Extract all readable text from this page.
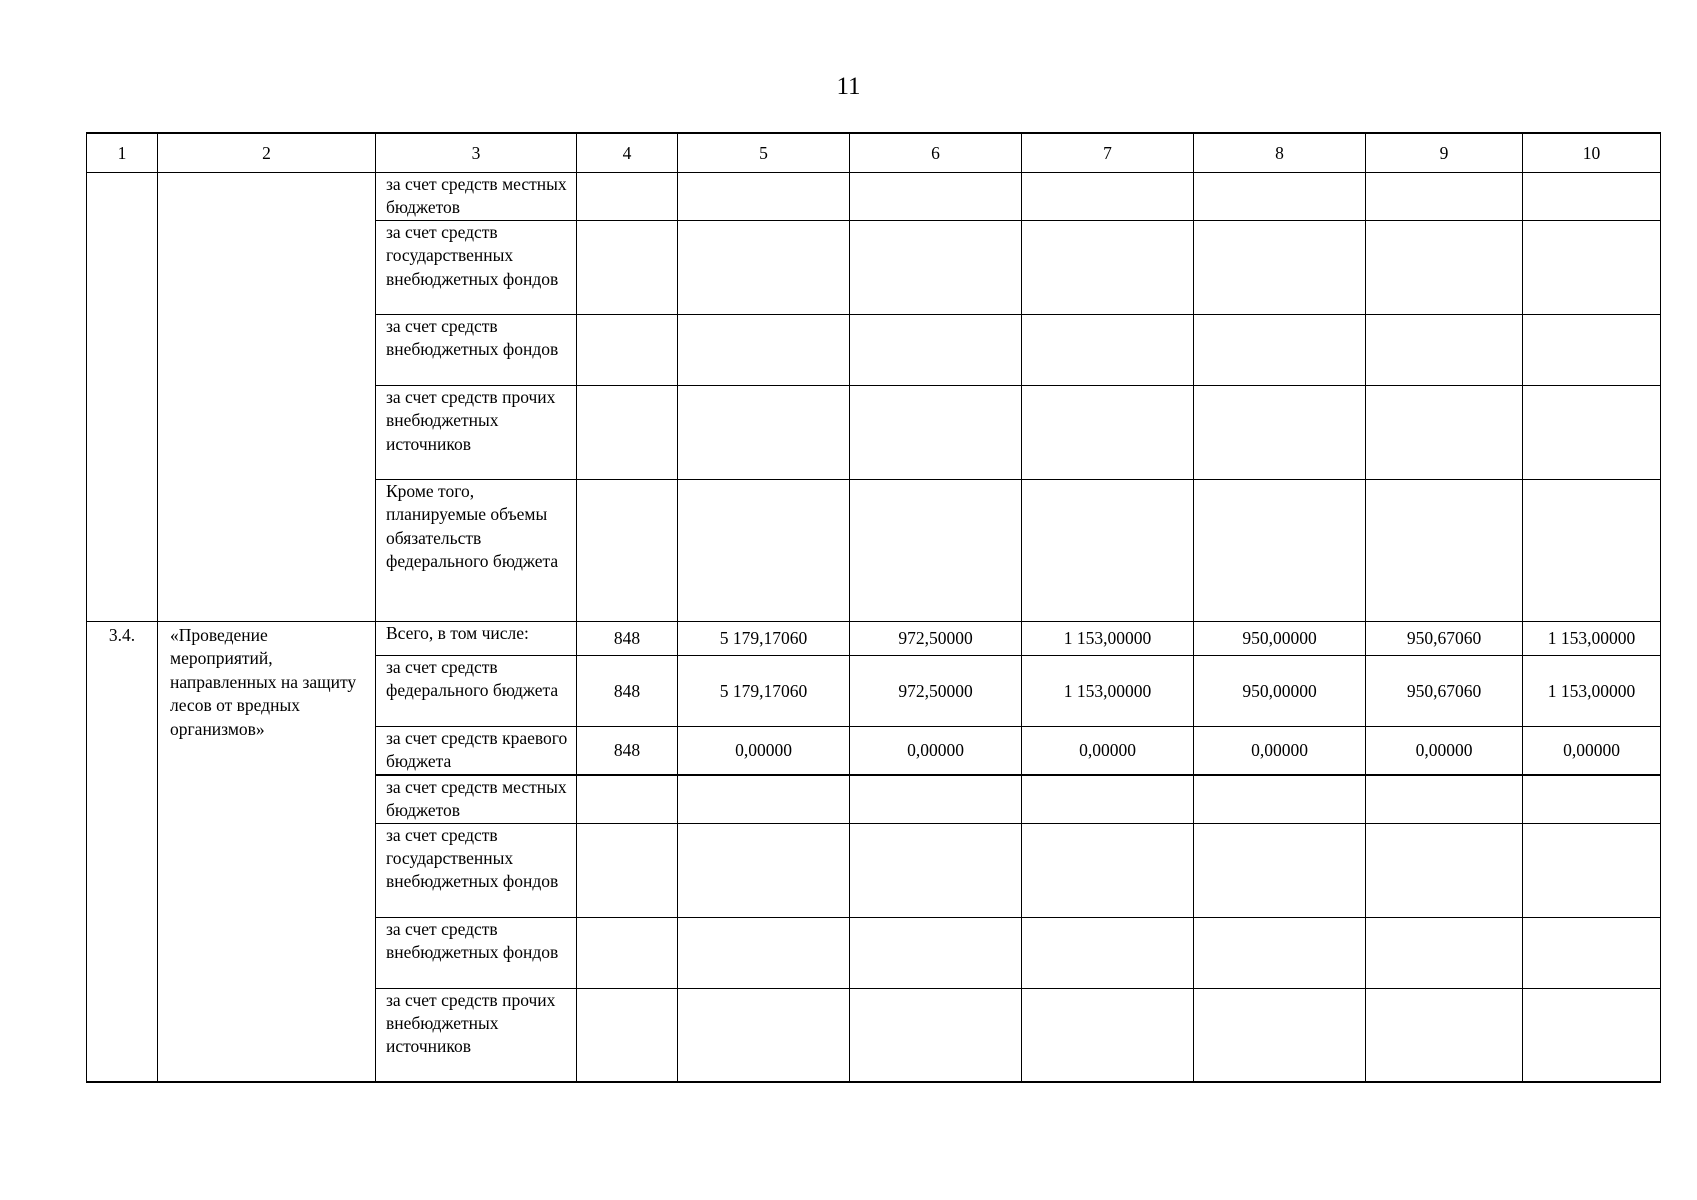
11
1	2	3	4	5	6	7	8	9	10
		за счет средств местных бюджетов							
		за счет средств государственных внебюджетных фондов							
		за счет средств внебюджетных фондов							
		за счет средств прочих внебюджетных источников							
		Кроме того, планируемые объемы обязательств федерального бюджета							
3.4.	«Проведение мероприятий, направленных на защиту лесов от вредных организмов»	Всего, в том числе:	848	5 179,17060	972,50000	1 153,00000	950,00000	950,67060	1 153,00000
		за счет средств федерального бюджета	848	5 179,17060	972,50000	1 153,00000	950,00000	950,67060	1 153,00000
		за счет средств краевого бюджета	848	0,00000	0,00000	0,00000	0,00000	0,00000	0,00000
		за счет средств местных бюджетов							
		за счет средств государственных внебюджетных фондов							
		за счет средств внебюджетных фондов							
		за счет средств прочих внебюджетных источников							
